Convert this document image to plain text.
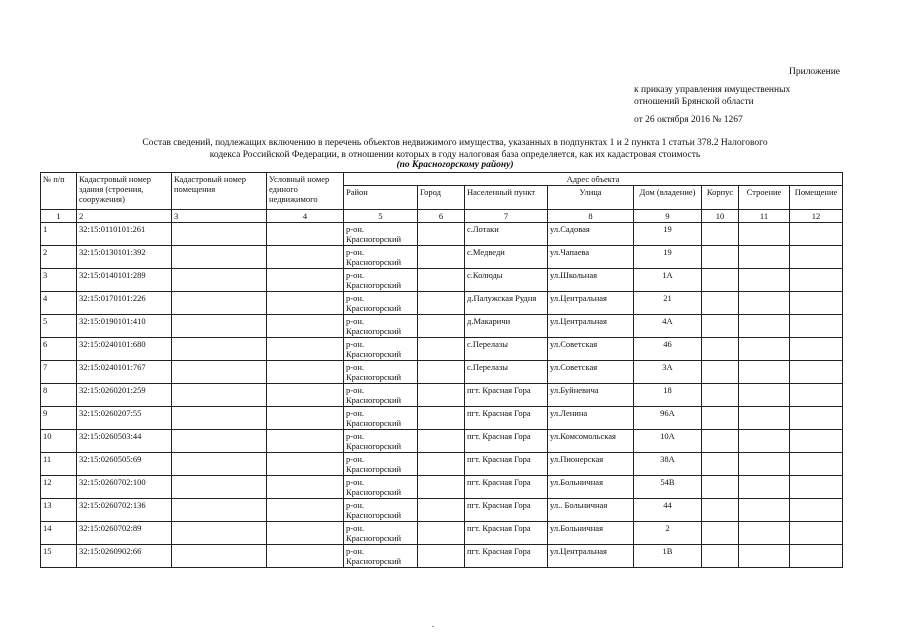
Приложение
к приказу управления имущественных
отношений Брянской области
от 26 октября 2016 № 1267
Состав сведений, подлежащих включению в перечень объектов недвижимого имущества, указанных в подпунктах 1 и 2 пункта 1 статьи 378.2 Налогового
кодекса Российской Федерации, в отношении которых в году налоговая база определяется, как их кадастровая стоимость
(по Красногорскому району)
№ п/п	Кадастровый номер здания (строения, сооружения)	Кадастровый номер помещения	Условный номер единого недвижимого	Адрес объекта							
				Район	Город	Населенный пункт	Улица	Дом (владение)	Корпус	Строение	Помещение
1	2	3	4	5	6	7	8	9	10	11	12
1	32:15:0110101:261			р-он. Красногорский		с.Лотаки	ул.Садовая	19			
2	32:15:0130101:392			р-он. Красногорский		с.Медведи	ул.Чапаева	19			
3	32:15:0140101:289			р-он. Красногорский		с.Колюды	ул.Школьная	1А			
4	32:15:0170101:226			р-он. Красногорский		д.Палужская Рудня	ул.Центральная	21			
5	32:15:0190101:410			р-он. Красногорский		д.Макаричи	ул.Центральная	4А			
6	32:15:0240101:680			р-он. Красногорский		с.Перелазы	ул.Советская	46			
7	32:15:0240101:767			р-он. Красногорский		с.Перелазы	ул.Советская	3А			
8	32:15:0260201:259			р-он. Красногорский		пгт. Красная Гора	ул.Буйневича	18			
9	32:15:0260207:55			р-он. Красногорский		пгт. Красная Гора	ул.Ленина	96А			
10	32:15:0260503:44			р-он. Красногорский		пгт. Красная Гора	ул.Комсомольская	10А			
11	32:15:0260505:69			р-он. Красногорский		пгт. Красная Гора	ул.Пионерская	38А			
12	32:15:0260702:100			р-он. Красногорский		пгт. Красная Гора	ул.Больничная	54В			
13	32:15:0260702:136			р-он. Красногорский		пгт. Красная Гора	ул.. Больничная	44			
14	32:15:0260702:89			р-он. Красногорский		пгт. Красная Гора	ул.Больничная	2			
15	32:15:0260902:66			р-он. Красногорский		пгт. Красная Гора	ул.Центральная	1В			
